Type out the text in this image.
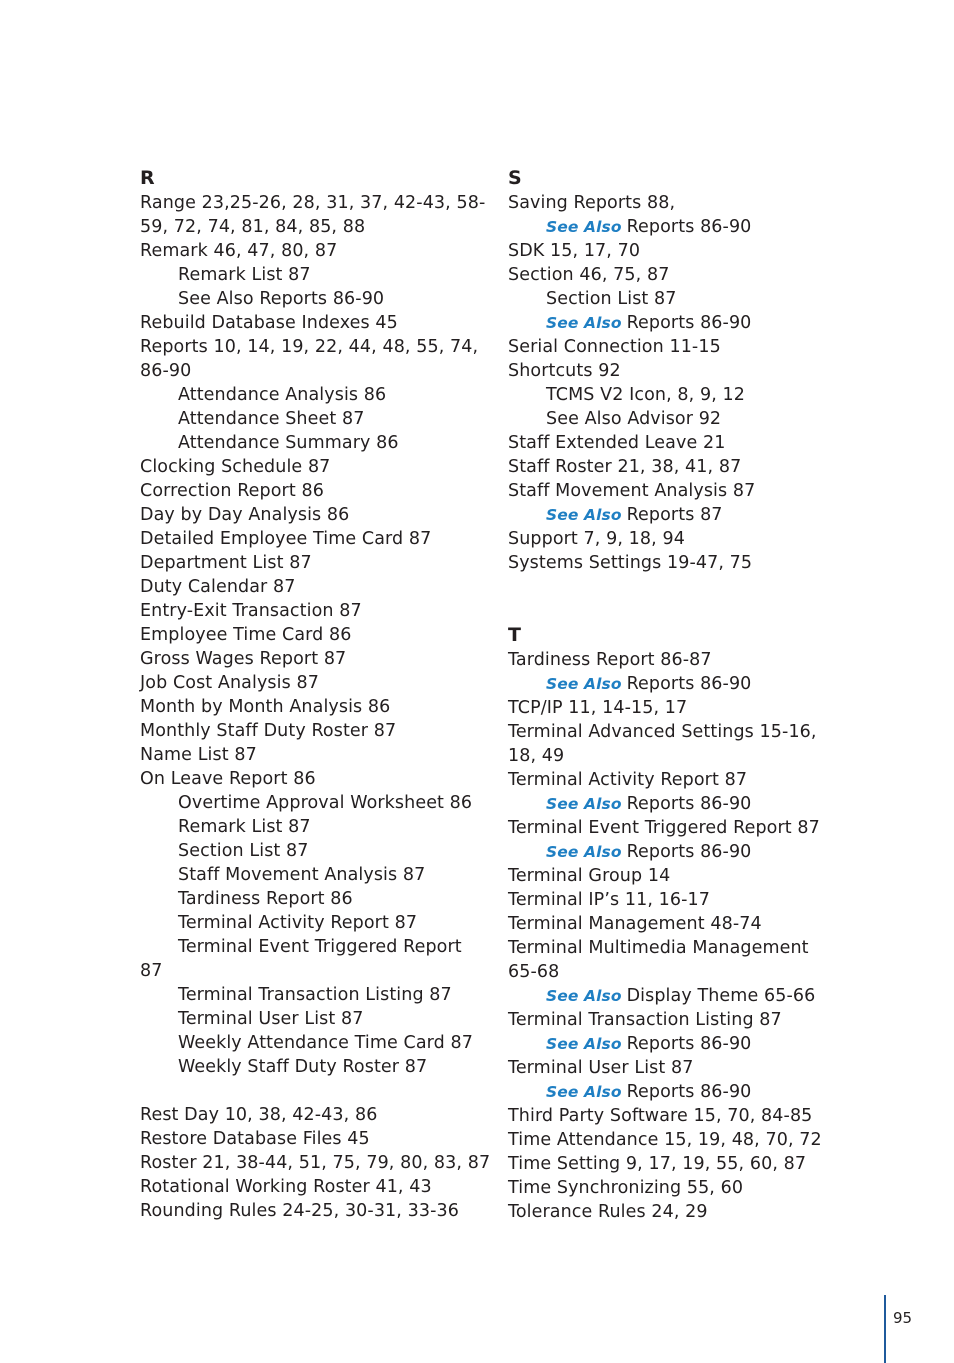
R
Range 23,25-26, 28, 31, 37, 42-43, 58-
59, 72, 74, 81, 84, 85, 88
Remark 46, 47, 80, 87
Remark List 87
See Also Reports 86-90
Rebuild Database Indexes 45
Reports 10, 14, 19, 22, 44, 48, 55, 74,
86-90
Attendance Analysis 86
Attendance Sheet 87
Attendance Summary 86
Clocking Schedule 87
Correction Report 86
Day by Day Analysis 86
Detailed Employee Time Card 87
Department List 87
Duty Calendar 87
Entry-Exit Transaction 87
Employee Time Card 86
Gross Wages Report 87
Job Cost Analysis 87
Month by Month Analysis 86
Monthly Staff Duty Roster 87
Name List 87
On Leave Report 86
Overtime Approval Worksheet 86
Remark List 87
Section List 87
Staff Movement Analysis 87
Tardiness Report 86
Terminal Activity Report 87
Terminal Event Triggered Report
87
Terminal Transaction Listing 87
Terminal User List 87
Weekly Attendance Time Card 87
Weekly Staff Duty Roster 87
Rest Day 10, 38, 42-43, 86
Restore Database Files 45
Roster 21, 38-44, 51, 75, 79, 80, 83, 87
Rotational Working Roster 41, 43
Rounding Rules 24-25, 30-31, 33-36
S
Saving Reports 88,
See Also Reports 86-90
SDK 15, 17, 70
Section 46, 75, 87
Section List 87
See Also Reports 86-90
Serial Connection 11-15
Shortcuts 92
TCMS V2 Icon, 8, 9, 12
See Also Advisor 92
Staff Extended Leave 21
Staff Roster 21, 38, 41, 87
Staff Movement Analysis 87
See Also Reports 87
Support 7, 9, 18, 94
Systems Settings 19-47, 75
T
Tardiness Report 86-87
See Also Reports 86-90
TCP/IP 11, 14-15, 17
Terminal Advanced Settings 15-16,
18, 49
Terminal Activity Report 87
See Also Reports 86-90
Terminal Event Triggered Report 87
See Also Reports 86-90
Terminal Group 14
Terminal IP’s 11, 16-17
Terminal Management 48-74
Terminal Multimedia Management
65-68
See Also Display Theme 65-66
Terminal Transaction Listing 87
See Also Reports 86-90
Terminal User List 87
See Also Reports 86-90
Third Party Software 15, 70, 84-85
Time Attendance 15, 19, 48, 70, 72
Time Setting 9, 17, 19, 55, 60, 87
Time Synchronizing 55, 60
Tolerance Rules 24, 29
95
